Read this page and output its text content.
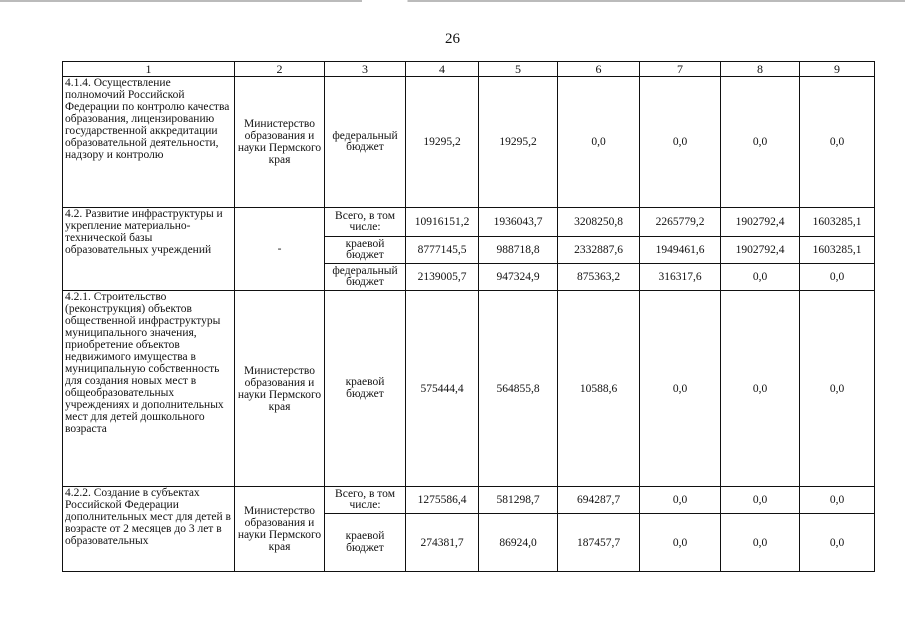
26
1	2	3	4	5	6	7	8	9
4.1.4. Осуществление полномочий Российской Федерации по контролю качества образования, лицензированию государственной аккредитации образовательной деятельности, надзору и контролю	Министерство образования и науки Пермского края	федеральный бюджет	19295,2	19295,2	0,0	0,0	0,0	0,0
4.2. Развитие инфраструктуры и укрепление материально-технической базы образовательных учреждений	-	Всего, в том числе:	10916151,2	1936043,7	3208250,8	2265779,2	1902792,4	1603285,1
		краевой бюджет	8777145,5	988718,8	2332887,6	1949461,6	1902792,4	1603285,1
		федеральный бюджет	2139005,7	947324,9	875363,2	316317,6	0,0	0,0
4.2.1. Строительство (реконструкция) объектов общественной инфраструктуры муниципального значения, приобретение объектов недвижимого имущества в муниципальную собственность для создания новых мест в общеобразовательных учреждениях и дополнительных мест для детей дошкольного возраста	Министерство образования и науки Пермского края	краевой бюджет	575444,4	564855,8	10588,6	0,0	0,0	0,0
4.2.2. Создание в субъектах Российской Федерации дополнительных мест для детей в возрасте от 2 месяцев до 3 лет в образовательных	Министерство образования и науки Пермского края	Всего, в том числе:	1275586,4	581298,7	694287,7	0,0	0,0	0,0
		краевой бюджет	274381,7	86924,0	187457,7	0,0	0,0	0,0
